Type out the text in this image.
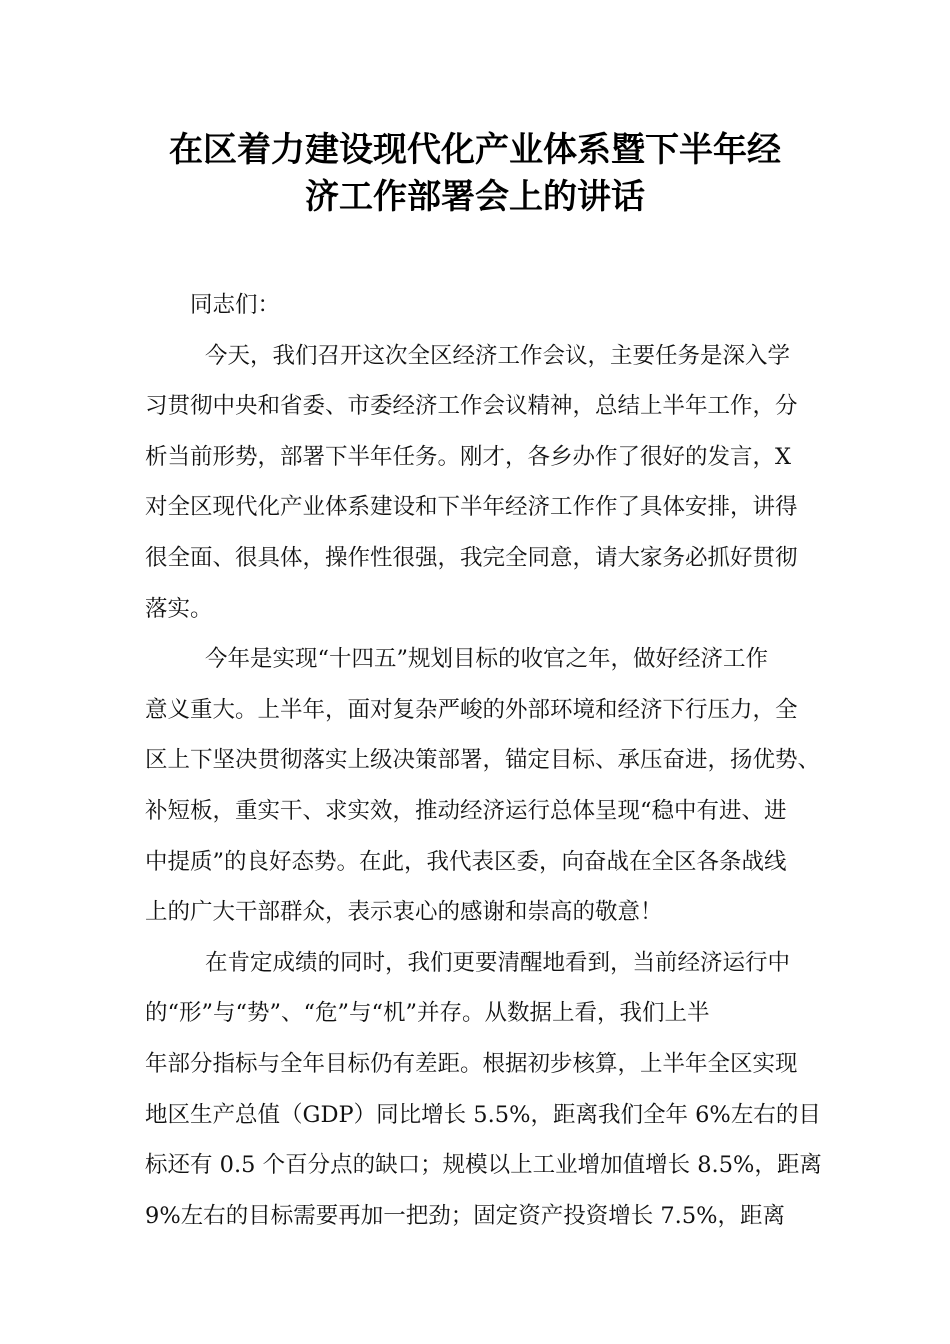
在区着力建设现代化产业体系暨下半年经
济工作部署会上的讲话

同志们：

今天，我们召开这次全区经济工作会议，主要任务是深入学
习贯彻中央和省委、市委经济工作会议精神，总结上半年工作，分
析当前形势，部署下半年任务。刚才，各乡办作了很好的发言，X
对全区现代化产业体系建设和下半年经济工作作了具体安排，讲得
很全面、很具体，操作性很强，我完全同意，请大家务必抓好贯彻
落实。
今年是实现“十四五”规划目标的收官之年，做好经济工作
意义重大。上半年，面对复杂严峻的外部环境和经济下行压力，全
区上下坚决贯彻落实上级决策部署，锚定目标、承压奋进，扬优势、
补短板，重实干、求实效，推动经济运行总体呈现“稳中有进、进
中提质”的良好态势。在此，我代表区委，向奋战在全区各条战线
上的广大干部群众，表示衷心的感谢和崇高的敬意！
在肯定成绩的同时，我们更要清醒地看到，当前经济运行中
的“形”与“势”、“危”与“机”并存。从数据上看，我们上半
年部分指标与全年目标仍有差距。根据初步核算，上半年全区实现
地区生产总值（GDP）同比增长 5.5%，距离我们全年 6%左右的目
标还有 0.5 个百分点的缺口；规模以上工业增加值增长 8.5%，距离
9%左右的目标需要再加一把劲；固定资产投资增长 7.5%，距离
